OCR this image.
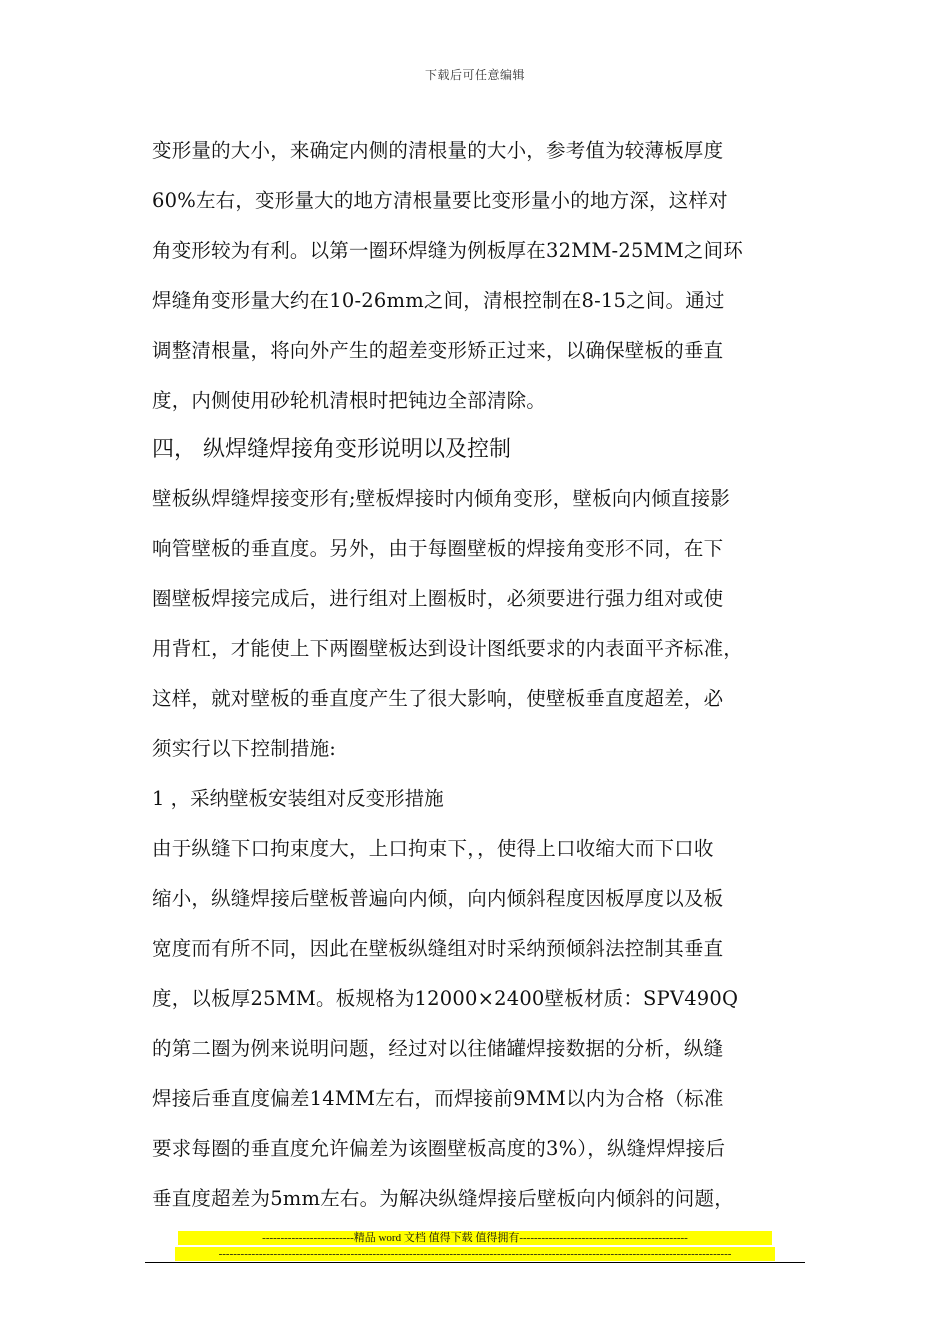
下载后可任意编辑
变形量的大小，来确定内侧的清根量的大小，参考值为较薄板厚度
60%左右，变形量大的地方清根量要比变形量小的地方深，这样对
角变形较为有利。以第一圈环焊缝为例板厚在32MM-25MM之间环
焊缝角变形量大约在10-26mm之间，清根控制在8-15之间。通过
调整清根量，将向外产生的超差变形矫正过来，以确保壁板的垂直
度，内侧使用砂轮机清根时把钝边全部清除。
四， 纵焊缝焊接角变形说明以及控制
壁板纵焊缝焊接变形有;壁板焊接时内倾角变形，壁板向内倾直接影
响管壁板的垂直度。另外，由于每圈壁板的焊接角变形不同，在下
圈壁板焊接完成后，进行组对上圈板时，必须要进行强力组对或使
用背杠，才能使上下两圈壁板达到设计图纸要求的内表面平齐标准，
这样，就对壁板的垂直度产生了很大影响，使壁板垂直度超差，必
须实行以下控制措施:
1 ，采纳壁板安装组对反变形措施
由于纵缝下口拘束度大，上口拘束下，，使得上口收缩大而下口收
缩小，纵缝焊接后壁板普遍向内倾，向内倾斜程度因板厚度以及板
宽度而有所不同，因此在壁板纵缝组对时采纳预倾斜法控制其垂直
度，以板厚25MM。板规格为12000×2400壁板材质：SPV490Q
的第二圈为例来说明问题，经过对以往储罐焊接数据的分析，纵缝
焊接后垂直度偏差14MM左右，而焊接前9MM以内为合格（标准
要求每圈的垂直度允许偏差为该圈壁板高度的3%），纵缝焊焊接后
垂直度超差为5mm左右。为解决纵缝焊接后壁板向内倾斜的问题，
-------------------------精品 word 文档 值得下载 值得拥有----------------------------------------------
--------------------------------------------------------------------------------------------------------------------------------------------
